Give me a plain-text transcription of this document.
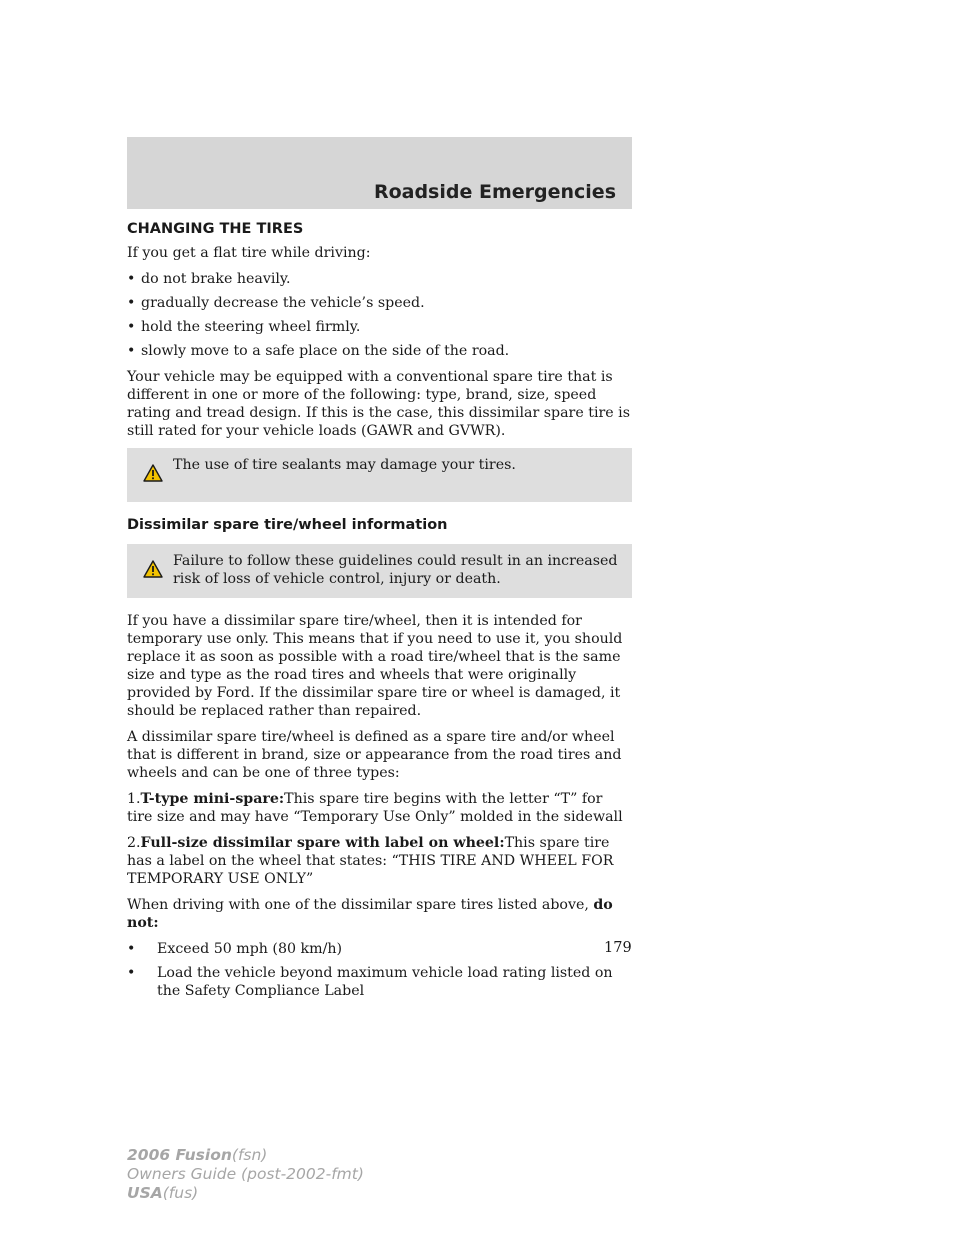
Roadside Emergencies
CHANGING THE TIRES

If you get a flat tire while driving:

• do not brake heavily.
• gradually decrease the vehicle’s speed.
• hold the steering wheel firmly.
• slowly move to a safe place on the side of the road.

Your vehicle may be equipped with a conventional spare tire that is different in one or more of the following: type, brand, size, speed rating and tread design. If this is the case, this dissimilar spare tire is still rated for your vehicle loads (GAWR and GVWR).

The use of tire sealants may damage your tires.
Dissimilar spare tire/wheel information
Failure to follow these guidelines could result in an increased risk of loss of vehicle control, injury or death.

If you have a dissimilar spare tire/wheel, then it is intended for temporary use only. This means that if you need to use it, you should replace it as soon as possible with a road tire/wheel that is the same size and type as the road tires and wheels that were originally provided by Ford. If the dissimilar spare tire or wheel is damaged, it should be replaced rather than repaired.

A dissimilar spare tire/wheel is defined as a spare tire and/or wheel that is different in brand, size or appearance from the road tires and wheels and can be one of three types:

1.T-type mini-spare:This spare tire begins with the letter “T” for tire size and may have “Temporary Use Only” molded in the sidewall

2.Full-size dissimilar spare with label on wheel:This spare tire has a label on the wheel that states: “THIS TIRE AND WHEEL FOR TEMPORARY USE ONLY”

When driving with one of the dissimilar spare tires listed above, do not:

• Exceed 50 mph (80 km/h)
• Load the vehicle beyond maximum vehicle load rating listed on the Safety Compliance Label
179
2006 Fusion(fsn)
Owners Guide (post-2002-fmt)
USA(fus)
